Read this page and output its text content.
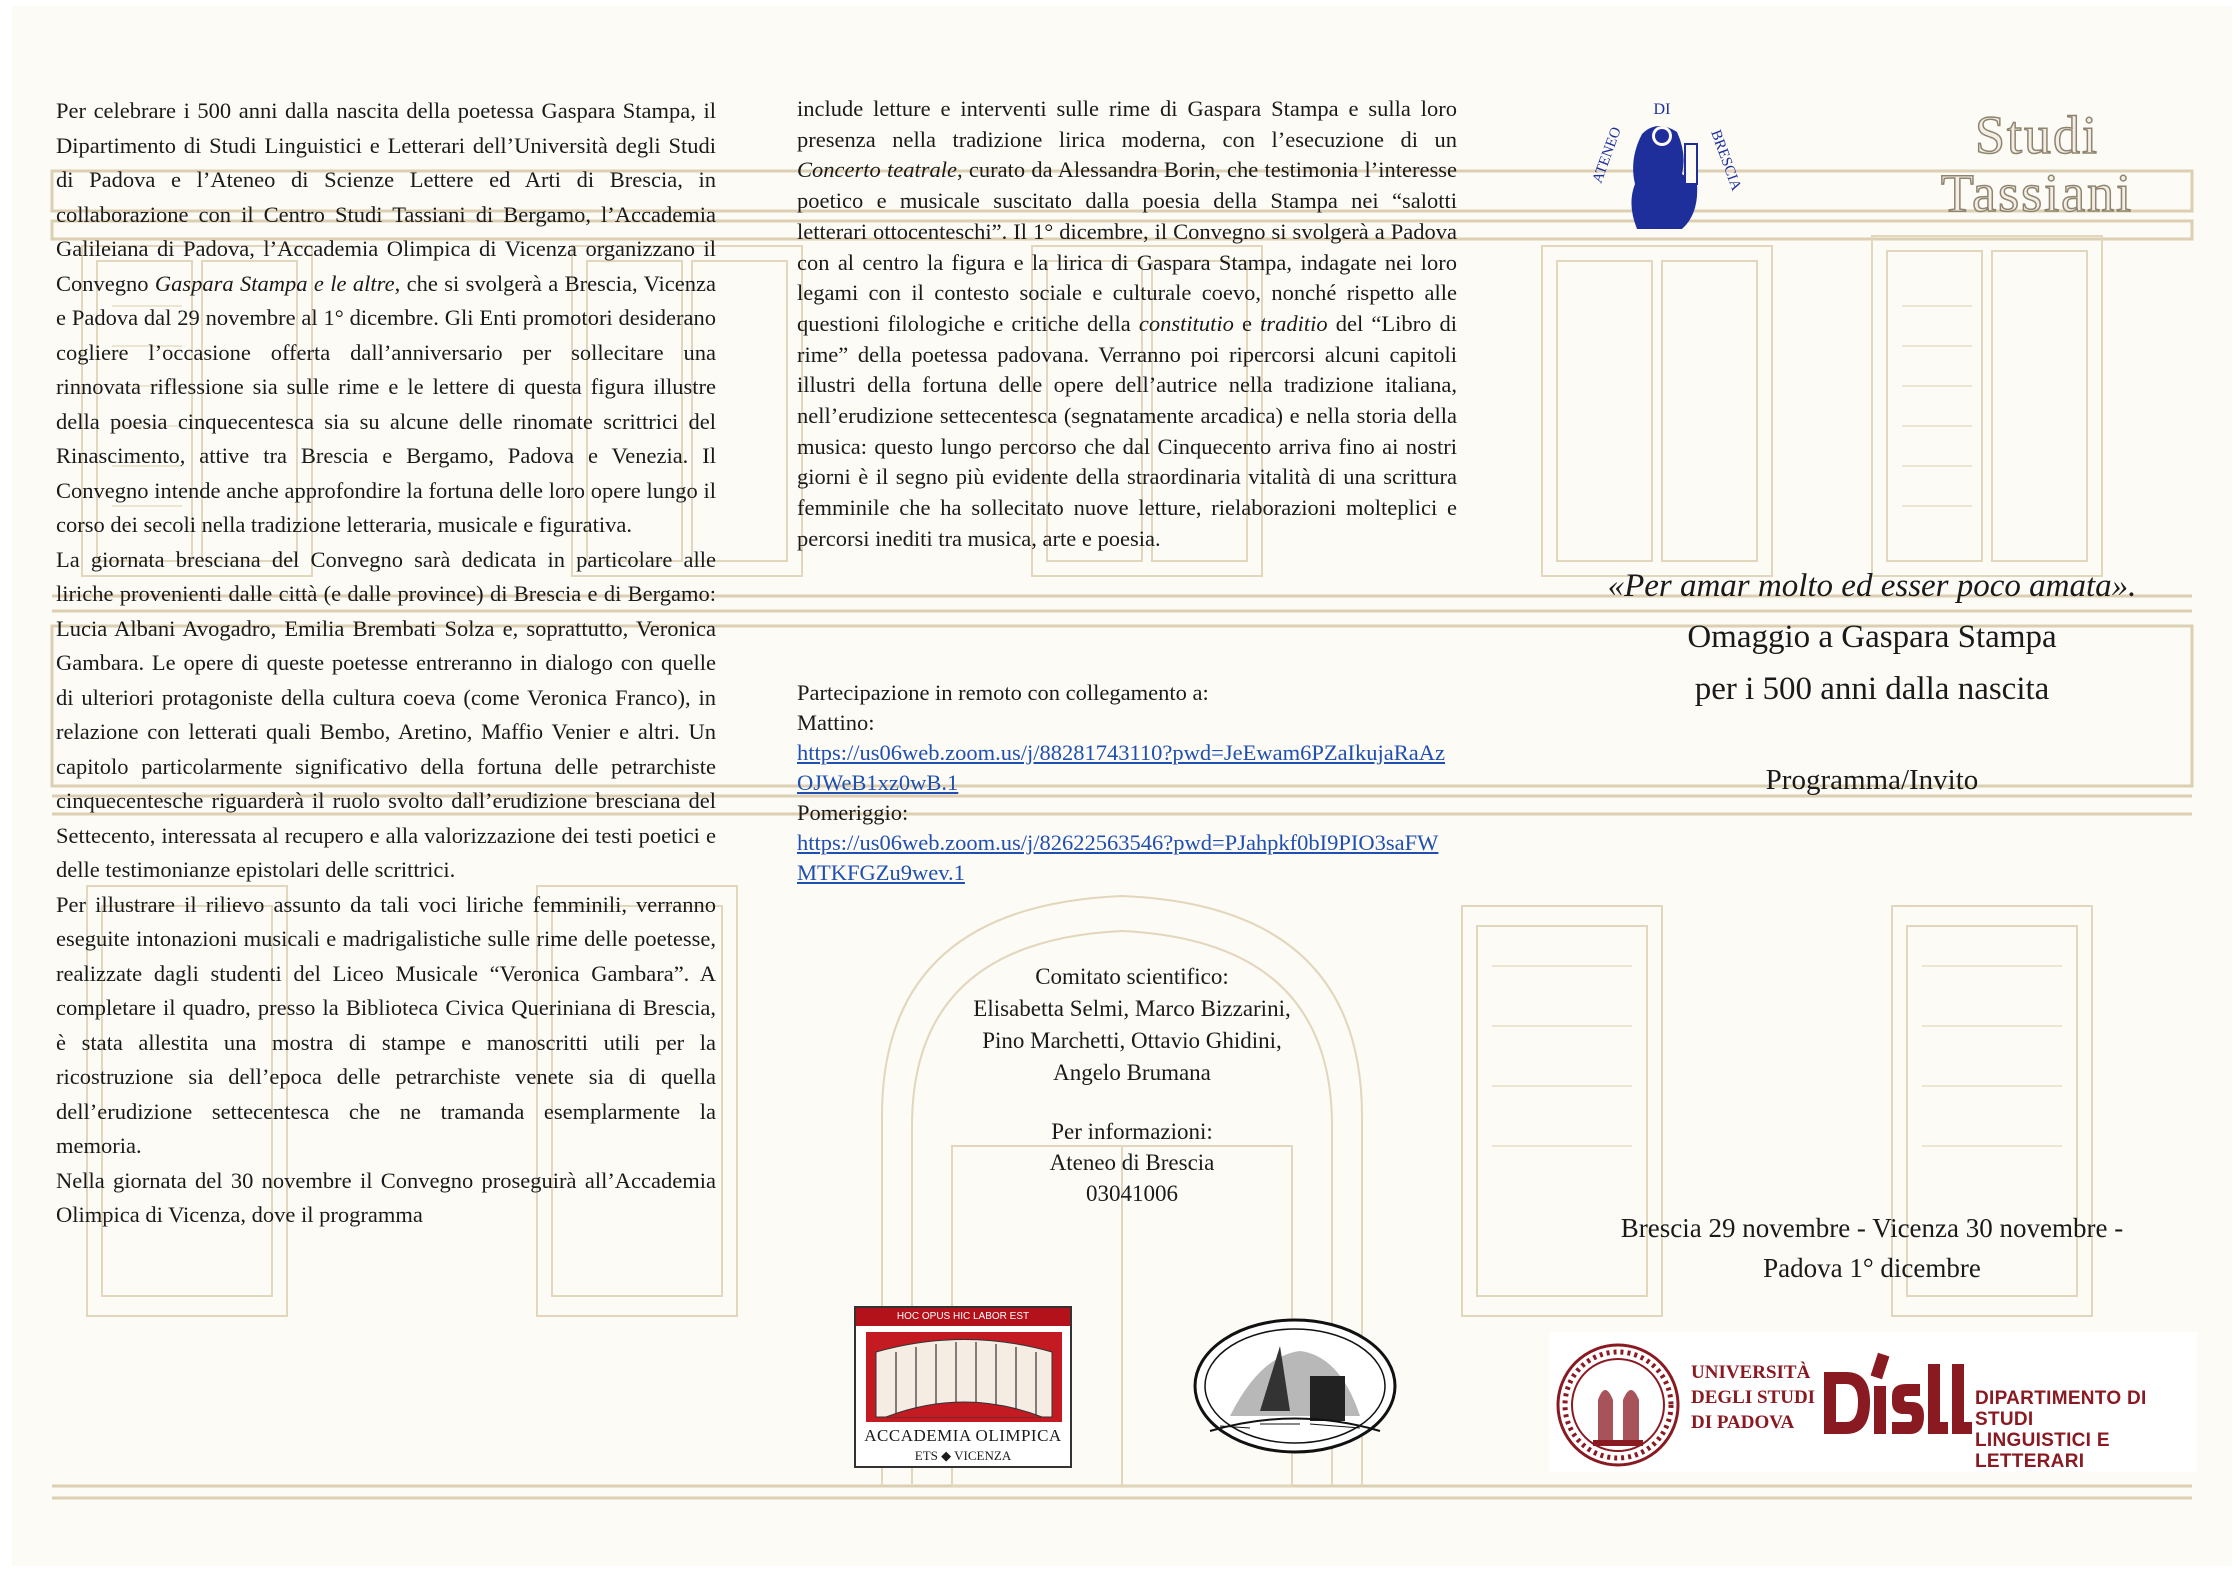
Per celebrare i 500 anni dalla nascita della poetessa Gaspara Stampa, il Dipartimento di Studi Linguistici e Letterari dell’Università degli Studi di Padova e l’Ateneo di Scienze Lettere ed Arti di Brescia, in collaborazione con il Centro Studi Tassiani di Bergamo, l’Accademia Galileiana di Padova, l’Accademia Olimpica di Vicenza organizzano il Convegno Gaspara Stampa e le altre, che si svolgerà a Brescia, Vicenza e Padova dal 29 novembre al 1° dicembre. Gli Enti promotori desiderano cogliere l’occasione offerta dall’anniversario per sollecitare una rinnovata riflessione sia sulle rime e le lettere di questa figura illustre della poesia cinquecentesca sia su alcune delle rinomate scrittrici del Rinascimento, attive tra Brescia e Bergamo, Padova e Venezia. Il Convegno intende anche approfondire la fortuna delle loro opere lungo il corso dei secoli nella tradizione letteraria, musicale e figurativa.

La giornata bresciana del Convegno sarà dedicata in particolare alle liriche provenienti dalle città (e dalle province) di Brescia e di Bergamo: Lucia Albani Avogadro, Emilia Brembati Solza e, soprattutto, Veronica Gambara. Le opere di queste poetesse entreranno in dialogo con quelle di ulteriori protagoniste della cultura coeva (come Veronica Franco), in relazione con letterati quali Bembo, Aretino, Maffio Venier e altri. Un capitolo particolarmente significativo della fortuna delle petrarchiste cinquecentesche riguarderà il ruolo svolto dall’erudizione bresciana del Settecento, interessata al recupero e alla valorizzazione dei testi poetici e delle testimonianze epistolari delle scrittrici.

Per illustrare il rilievo assunto da tali voci liriche femminili, verranno eseguite intonazioni musicali e madrigalistiche sulle rime delle poetesse, realizzate dagli studenti del Liceo Musicale “Veronica Gambara”. A completare il quadro, presso la Biblioteca Civica Queriniana di Brescia, è stata allestita una mostra di stampe e manoscritti utili per la ricostruzione sia dell’epoca delle petrarchiste venete sia di quella dell’erudizione settecentesca che ne tramanda esemplarmente la memoria.

Nella giornata del 30 novembre il Convegno proseguirà all’Accademia Olimpica di Vicenza, dove il programma

include letture e interventi sulle rime di Gaspara Stampa e sulla loro presenza nella tradizione lirica moderna, con l’esecuzione di un Concerto teatrale, curato da Alessandra Borin, che testimonia l’interesse poetico e musicale suscitato dalla poesia della Stampa nei “salotti letterari ottocenteschi”. Il 1° dicembre, il Convegno si svolgerà a Padova con al centro la figura e la lirica di Gaspara Stampa, indagate nei loro legami con il contesto sociale e culturale coevo, nonché rispetto alle questioni filologiche e critiche della constitutio e traditio del “Libro di rime” della poetessa padovana. Verranno poi ripercorsi alcuni capitoli illustri della fortuna delle opere dell’autrice nella tradizione italiana, nell’erudizione settecentesca (segnatamente arcadica) e nella storia della musica: questo lungo percorso che dal Cinquecento arriva fino ai nostri giorni è il segno più evidente della straordinaria vitalità di una scrittura femminile che ha sollecitato nuove letture, rielaborazioni molteplici e percorsi inediti tra musica, arte e poesia.

Partecipazione in remoto con collegamento a:
Mattino:
https://us06web.zoom.us/j/88281743110?pwd=JeEwam6PZaIkujaRaAzOJWeB1xz0wB.1
Pomeriggio:
https://us06web.zoom.us/j/82622563546?pwd=PJahpkf0bI9PIO3saFWMTKFGZu9wev.1
Comitato scientifico:
Elisabetta Selmi, Marco Bizzarini,
Pino Marchetti, Ottavio Ghidini,
Angelo Brumana
Per informazioni:
Ateneo di Brescia
03041006
DI
ATENEO	BRESCIA	Studi
Tassiani
«Per amar molto ed esser poco amata».
Omaggio a Gaspara Stampa
per i 500 anni dalla nascita
Programma/Invito
Brescia 29 novembre - Vicenza 30 novembre -
Padova 1° dicembre
HOC OPUS HIC LABOR EST
ACCADEMIA OLIMPICA
ETS ◆ VICENZA
UNIVERSITÀ
DEGLI STUDI
DI PADOVA
DIPARTIMENTO DI STUDI
LINGUISTICI E LETTERARI
